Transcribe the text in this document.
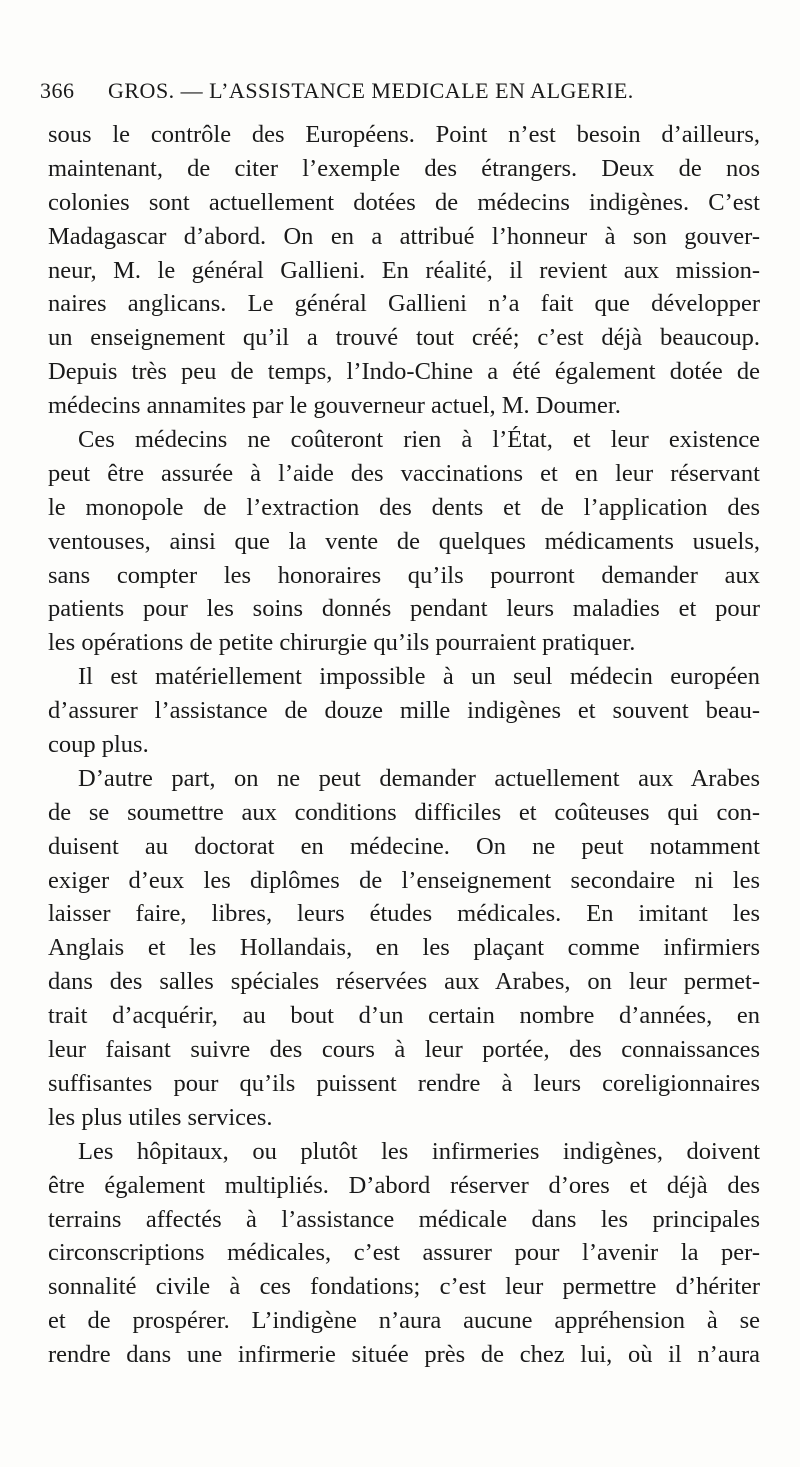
366 GROS. — L’ASSISTANCE MEDICALE EN ALGERIE.
sous le contrôle des Européens. Point n’est besoin d’ailleurs,
maintenant, de citer l’exemple des étrangers. Deux de nos
colonies sont actuellement dotées de médecins indigènes. C’est
Madagascar d’abord. On en a attribué l’honneur à son gouver-
neur, M. le général Gallieni. En réalité, il revient aux mission-
naires anglicans. Le général Gallieni n’a fait que développer
un enseignement qu’il a trouvé tout créé; c’est déjà beaucoup.
Depuis très peu de temps, l’Indo-Chine a été également dotée de
médecins annamites par le gouverneur actuel, M. Doumer.
Ces médecins ne coûteront rien à l’État, et leur existence
peut être assurée à l’aide des vaccinations et en leur réservant
le monopole de l’extraction des dents et de l’application des
ventouses, ainsi que la vente de quelques médicaments usuels,
sans compter les honoraires qu’ils pourront demander aux
patients pour les soins donnés pendant leurs maladies et pour
les opérations de petite chirurgie qu’ils pourraient pratiquer.
Il est matériellement impossible à un seul médecin européen
d’assurer l’assistance de douze mille indigènes et souvent beau-
coup plus.
D’autre part, on ne peut demander actuellement aux Arabes
de se soumettre aux conditions difficiles et coûteuses qui con-
duisent au doctorat en médecine. On ne peut notamment
exiger d’eux les diplômes de l’enseignement secondaire ni les
laisser faire, libres, leurs études médicales. En imitant les
Anglais et les Hollandais, en les plaçant comme infirmiers
dans des salles spéciales réservées aux Arabes, on leur permet-
trait d’acquérir, au bout d’un certain nombre d’années, en
leur faisant suivre des cours à leur portée, des connaissances
suffisantes pour qu’ils puissent rendre à leurs coreligionnaires
les plus utiles services.
Les hôpitaux, ou plutôt les infirmeries indigènes, doivent
être également multipliés. D’abord réserver d’ores et déjà des
terrains affectés à l’assistance médicale dans les principales
circonscriptions médicales, c’est assurer pour l’avenir la per-
sonnalité civile à ces fondations; c’est leur permettre d’hériter
et de prospérer. L’indigène n’aura aucune appréhension à se
rendre dans une infirmerie située près de chez lui, où il n’aura
